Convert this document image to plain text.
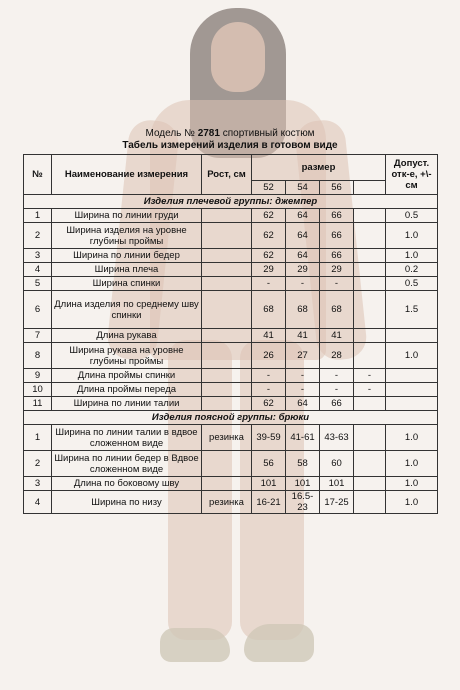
Модель № 2781 спортивный костюм
Табель измерений изделия в готовом виде
№	Наименование измерения	Рост, см	размер				Допуст. отк-е, +\-см
			52	54	56		
Изделия плечевой группы: джемпер							
1	Ширина по линии груди		62	64	66		0.5
2	Ширина изделия на уровне глубины проймы		62	64	66		1.0
3	Ширина по линии бедер		62	64	66		1.0
4	Ширина плеча		29	29	29		0.2
5	Ширина спинки		-	-	-		0.5
6	Длина изделия по среднему шву спинки		68	68	68		1.5
7	Длина рукава		41	41	41		
8	Ширина рукава на уровне глубины проймы		26	27	28		1.0
9	Длина проймы спинки		-	-	-	-	
10	Длина проймы переда		-	-	-	-	
11	Ширина по линии талии		62	64	66		
Изделия поясной группы: брюки							
1	Ширина по линии талии в вдвое сложенном виде	резинка	39-59	41-61	43-63		1.0
2	Ширина по линии бедер в Вдвое сложенном виде		56	58	60		1.0
3	Длина по боковому шву		101	101	101		1.0
4	Ширина по низу	резинка	16-21	16.5-23	17-25		1.0
